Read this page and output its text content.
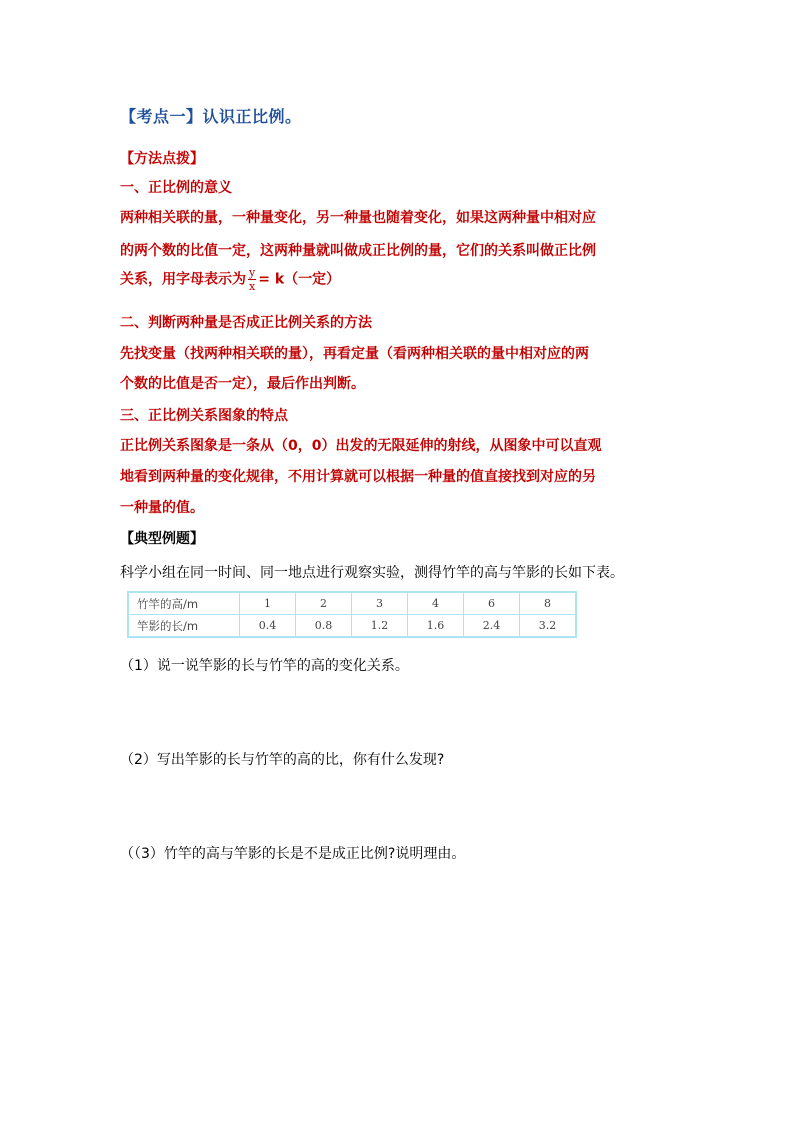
【考点一】认识正比例。
【方法点拨】
一、正比例的意义
两种相关联的量，一种量变化，另一种量也随着变化，如果这两种量中相对应
的两个数的比值一定，这两种量就叫做成正比例的量，它们的关系叫做正比例
关系，用字母表示为 $\frac{y}{x} = k$（一定）
二、判断两种量是否成正比例关系的方法
先找变量（找两种相关联的量），再看定量（看两种相关联的量中相对应的两
个数的比值是否一定），最后作出判断。
三、正比例关系图象的特点
正比例关系图象是一条从（0，0）出发的无限延伸的射线，从图象中可以直观
地看到两种量的变化规律，不用计算就可以根据一种量的值直接找到对应的另
一种量的值。
【典型例题】
科学小组在同一时间、同一地点进行观察实验，测得竹竿的高与竿影的长如下表。
竹竿的高/m	1	2	3	4	6	8
竿影的长/m	0.4	0.8	1.2	1.6	2.4	3.2
（1）说一说竿影的长与竹竿的高的变化关系。
（2）写出竿影的长与竹竿的高的比，你有什么发现?
（（3）竹竿的高与竿影的长是不是成正比例?说明理由。
